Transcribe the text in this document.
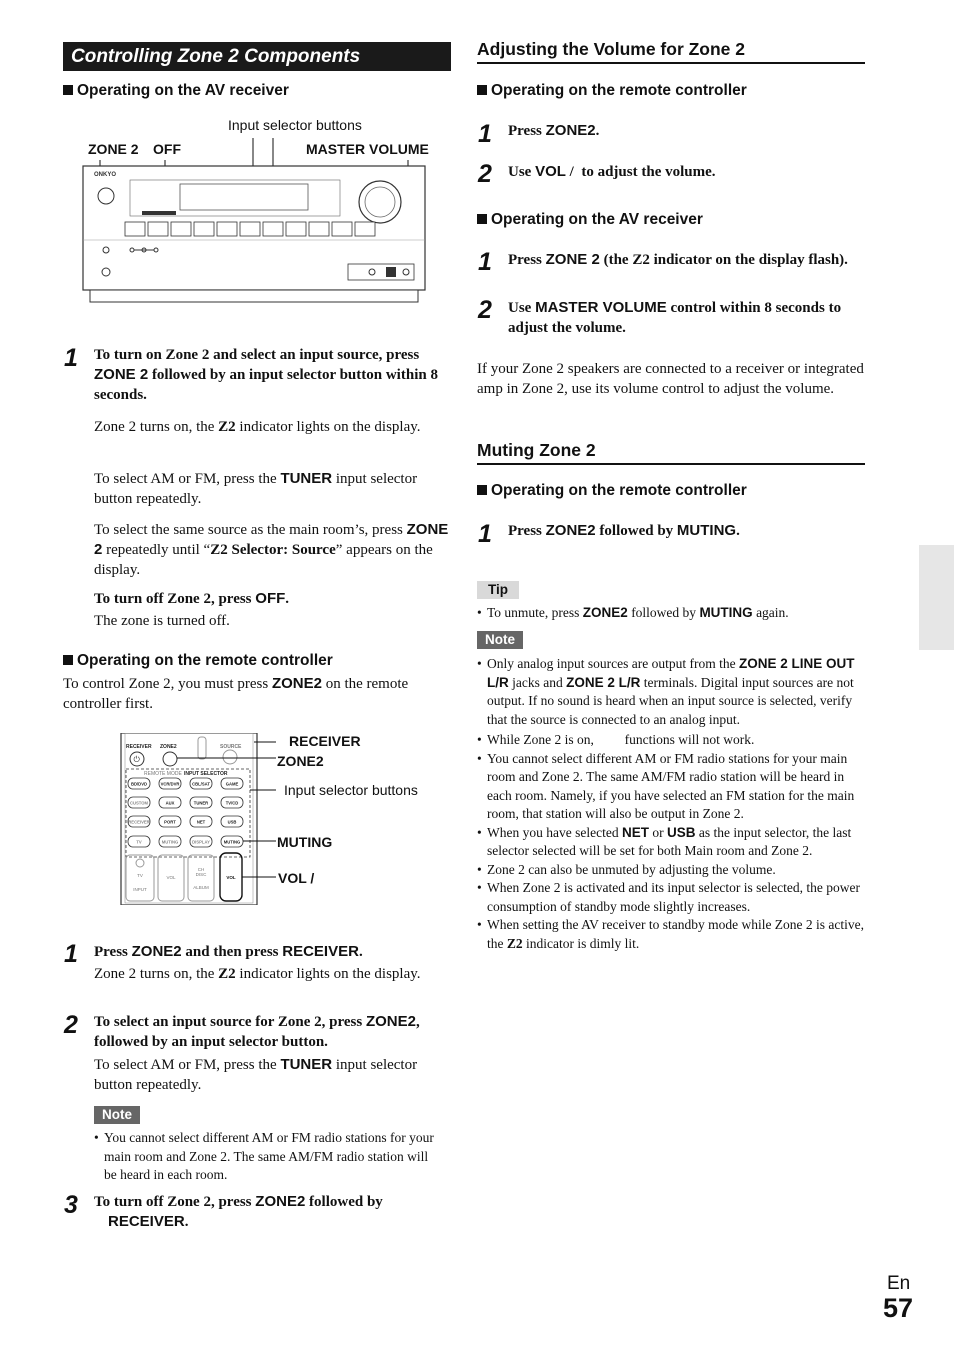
Controlling Zone 2 Components
Operating on the AV receiver
Input selector buttons
ZONE 2 OFF	MASTER VOLUME
ONKYO
1 To turn on Zone 2 and select an input source, press ZONE 2 followed by an input selector button within 8 seconds.
Zone 2 turns on, the Z2 indicator lights on the display.
To select AM or FM, press the TUNER input selector button repeatedly.
To select the same source as the main room’s, press ZONE 2 repeatedly until “Z2 Selector: Source” appears on the display.
To turn off Zone 2, press OFF.
The zone is turned off.
Operating on the remote controller
To control Zone 2, you must press ZONE2 on the remote controller first.
RECEIVER ZONE2	SOURCE
REMOTE MODE INPUT SELECTOR
⏻
BD/DVD	VCR/DVR	CBL/SAT	GAME
CUSTOM	AUX	TUNER	TV/CD
RECEIVER	PORT	NET	USB
TV	MUTING	DISPLAY	MUTING
TV
INPUT
VOL
CH
DISC
ALBUM
VOL
RECEIVER
ZONE2
Input selector buttons
MUTING
VOL /
1 Press ZONE2 and then press RECEIVER.
Zone 2 turns on, the Z2 indicator lights on the display.
2 To select an input source for Zone 2, press ZONE2, followed by an input selector button.
To select AM or FM, press the TUNER input selector button repeatedly.
Note
• You cannot select different AM or FM radio stations for your main room and Zone 2. The same AM/FM radio station will be heard in each room.
3 To turn off Zone 2, press ZONE2 followed by
RECEIVER.
Adjusting the Volume for Zone 2
Operating on the remote controller
1 Press ZONE2.
2 Use VOL /  to adjust the volume.
Operating on the AV receiver
1 Press ZONE 2 (the Z2 indicator on the display flash).
2 Use MASTER VOLUME control within 8 seconds to adjust the volume.
If your Zone 2 speakers are connected to a receiver or integrated amp in Zone 2, use its volume control to adjust the volume.
Muting Zone 2
Operating on the remote controller
1 Press ZONE2 followed by MUTING.
Tip
• To unmute, press ZONE2 followed by MUTING again.
Note
• Only analog input sources are output from the ZONE 2 LINE OUT L/R jacks and ZONE 2 L/R terminals. Digital input sources are not output. If no sound is heard when an input source is selected, verify that the source is connected to an analog input.
• While Zone 2 is on,  functions will not work.
• You cannot select different AM or FM radio stations for your main room and Zone 2. The same AM/FM radio station will be heard in each room. Namely, if you have selected an FM station for the main room, that station will also be output in Zone 2.
• When you have selected NET or USB as the input selector, the last selector selected will be set for both Main room and Zone 2.
• Zone 2 can also be unmuted by adjusting the volume.
• When Zone 2 is activated and its input selector is selected, the power consumption of standby mode slightly increases.
• When setting the AV receiver to standby mode while Zone 2 is active, the Z2 indicator is dimly lit.
En
57
